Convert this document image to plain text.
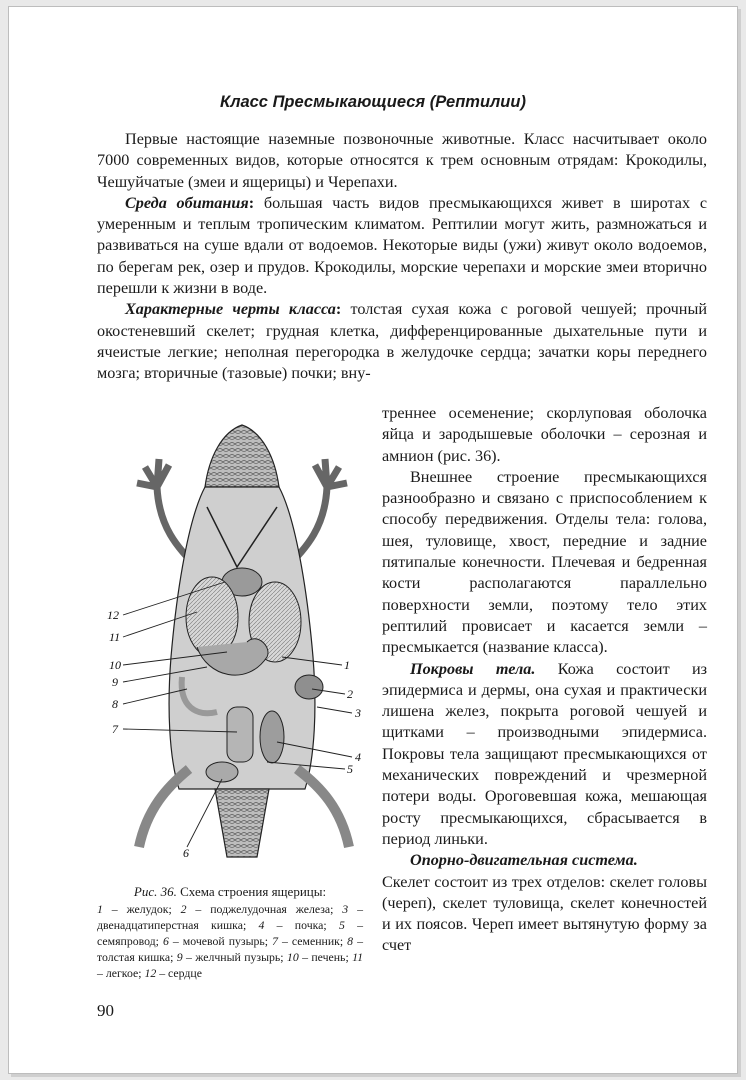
Класс Пресмыкающиеся (Рептилии)

Первые настоящие наземные позвоночные животные. Класс насчитывает около 7000 современных видов, которые относятся к трем основным отрядам: Крокодилы, Чешуйчатые (змеи и ящерицы) и Черепахи.

Среда обитания: большая часть видов пресмыкающихся живет в широтах с умеренным и теплым тропическим климатом. Рептилии могут жить, размножаться и развиваться на суше вдали от водоемов. Некоторые виды (ужи) живут около водоемов, по берегам рек, озер и прудов. Крокодилы, морские черепахи и морские змеи вторично перешли к жизни в воде.

Характерные черты класса: толстая сухая кожа с роговой чешуей; прочный окостеневший скелет; грудная клетка, дифференцированные дыхательные пути и ячеистые легкие; неполная перегородка в желудочке сердца; зачатки коры переднего мозга; вторичные (тазовые) почки; вну-

12
11
10
9
8
7
1
2
3
4
5
6

треннее осеменение; скорлуповая оболочка яйца и зародышевые оболочки – серозная и амнион (рис. 36).

Внешнее строение пресмыкающихся разнообразно и связано с приспособлением к способу передвижения. Отделы тела: голова, шея, туловище, хвост, передние и задние пятипалые конечности. Плечевая и бедренная кости располагаются параллельно поверхности земли, поэтому тело этих рептилий провисает и касается земли – пресмыкается (название класса).

Покровы тела. Кожа состоит из эпидермиса и дермы, она сухая и практически лишена желез, покрыта роговой чешуей и щитками – производными эпидермиса. Покровы тела защищают пресмыкающихся от механических повреждений и чрезмерной потери воды. Ороговевшая кожа, мешающая росту пресмыкающихся, сбрасывается в период линьки.

Опорно-двигательная система.

Скелет состоит из трех отделов: скелет головы (череп), скелет туловища, скелет конечностей и их поясов. Череп имеет вытянутую форму за счет

Рис. 36. Схема строения ящерицы:
1 – желудок; 2 – поджелудочная железа; 3 – двенадцатиперстная кишка; 4 – почка; 5 – семяпровод; 6 – мочевой пузырь; 7 – семенник; 8 – толстая кишка; 9 – желчный пузырь; 10 – печень; 11 – легкое; 12 – сердце
90
